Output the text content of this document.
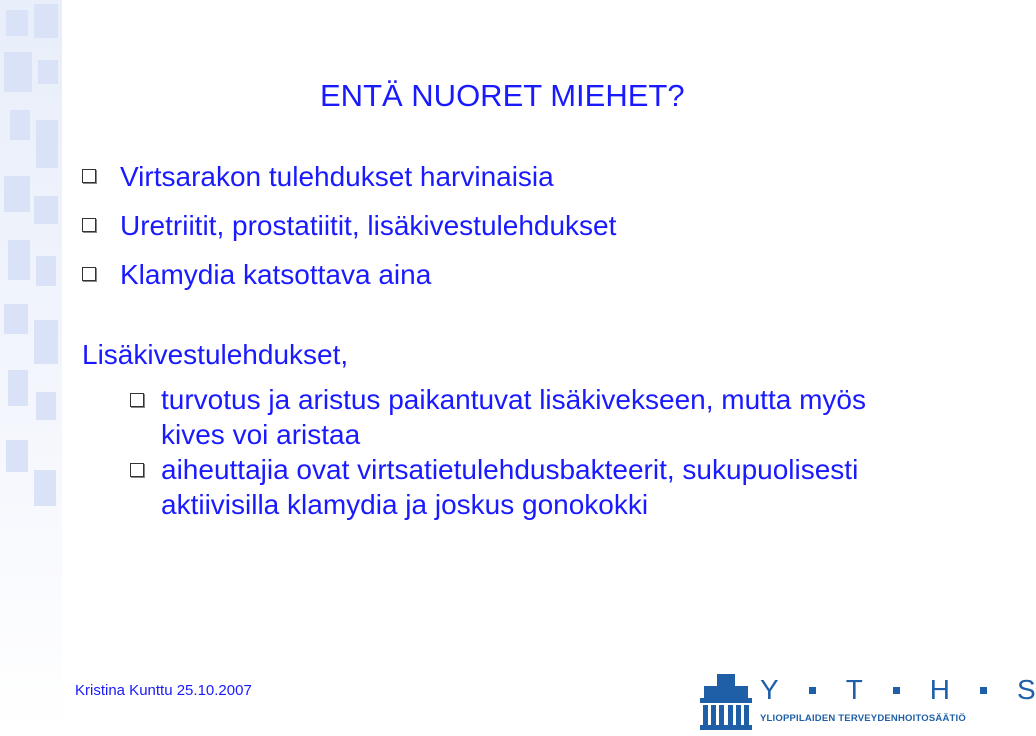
ENTÄ NUORET MIEHET?
Virtsarakon tulehdukset harvinaisia
Uretriitit, prostatiitit, lisäkivestulehdukset
Klamydia katsottava aina
Lisäkivestulehdukset,
turvotus ja aristus paikantuvat lisäkivekseen, mutta myös kives voi aristaa
aiheuttajia ovat virtsatietulehdusbakteerit, sukupuolisesti aktiivisilla klamydia ja joskus gonokokki
Kristina Kunttu 25.10.2007	Y T H S
YLIOPPILAIDEN TERVEYDENHOITOSÄÄTIÖ
